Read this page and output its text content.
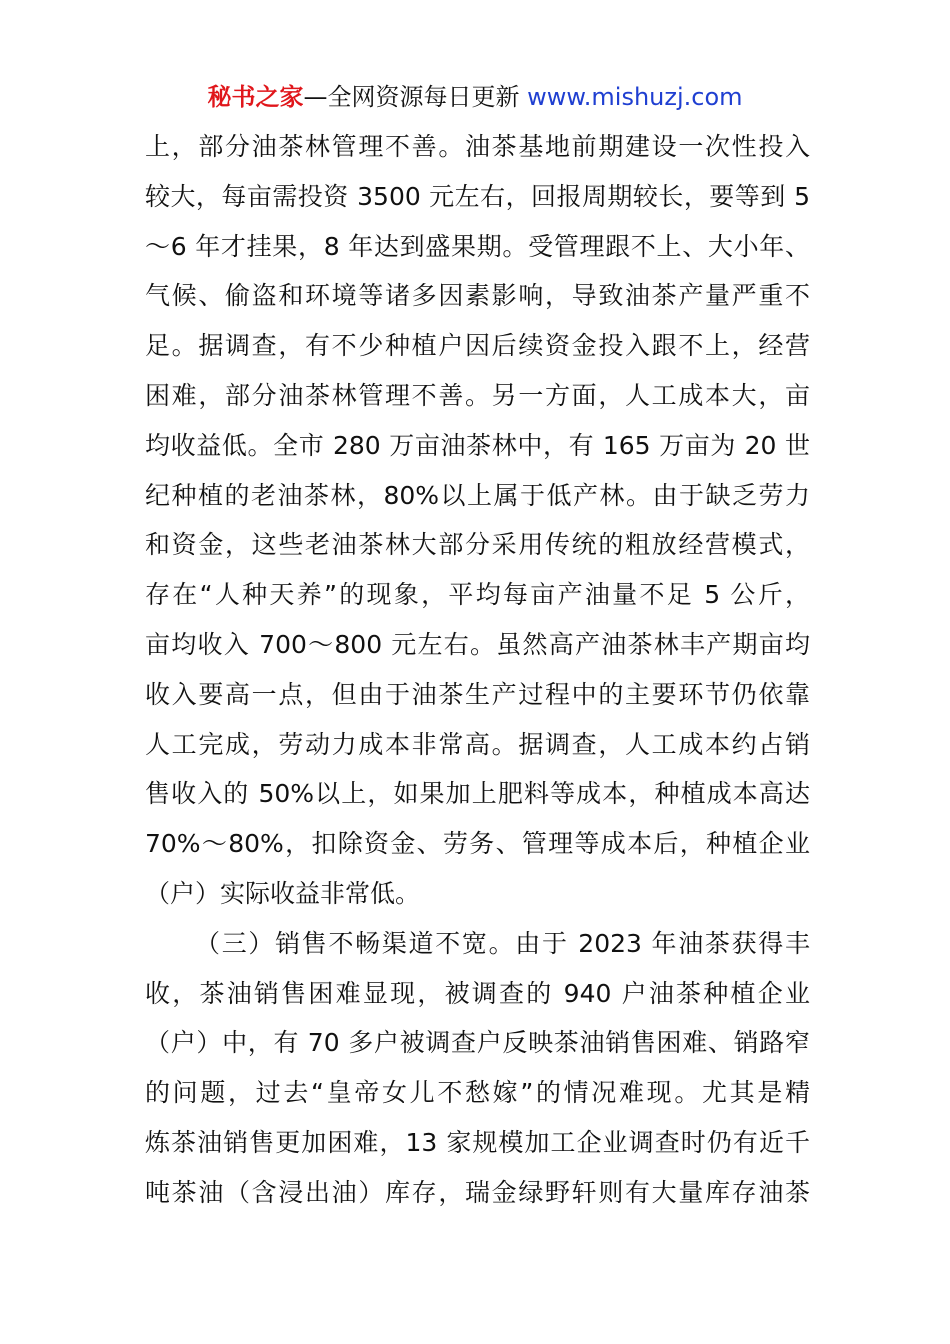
秘书之家—全网资源每日更新 www.mishuzj.com
上，部分油茶林管理不善。油茶基地前期建设一次性投入
较大，每亩需投资 3500 元左右，回报周期较长，要等到 5
～6 年才挂果，8 年达到盛果期。受管理跟不上、大小年、
气候、偷盗和环境等诸多因素影响，导致油茶产量严重不
足。据调查，有不少种植户因后续资金投入跟不上，经营
困难，部分油茶林管理不善。另一方面，人工成本大，亩
均收益低。全市 280 万亩油茶林中，有 165 万亩为 20 世
纪种植的老油茶林，80%以上属于低产林。由于缺乏劳力
和资金，这些老油茶林大部分采用传统的粗放经营模式，
存在“人种天养”的现象，平均每亩产油量不足 5 公斤，
亩均收入 700～800 元左右。虽然高产油茶林丰产期亩均
收入要高一点，但由于油茶生产过程中的主要环节仍依靠
人工完成，劳动力成本非常高。据调查，人工成本约占销
售收入的 50%以上，如果加上肥料等成本，种植成本高达
70%～80%，扣除资金、劳务、管理等成本后，种植企业
（户）实际收益非常低。
（三）销售不畅渠道不宽。由于 2023 年油茶获得丰
收，茶油销售困难显现，被调查的 940 户油茶种植企业
（户）中，有 70 多户被调查户反映茶油销售困难、销路窄
的问题，过去“皇帝女儿不愁嫁”的情况难现。尤其是精
炼茶油销售更加困难，13 家规模加工企业调查时仍有近千
吨茶油（含浸出油）库存，瑞金绿野轩则有大量库存油茶
